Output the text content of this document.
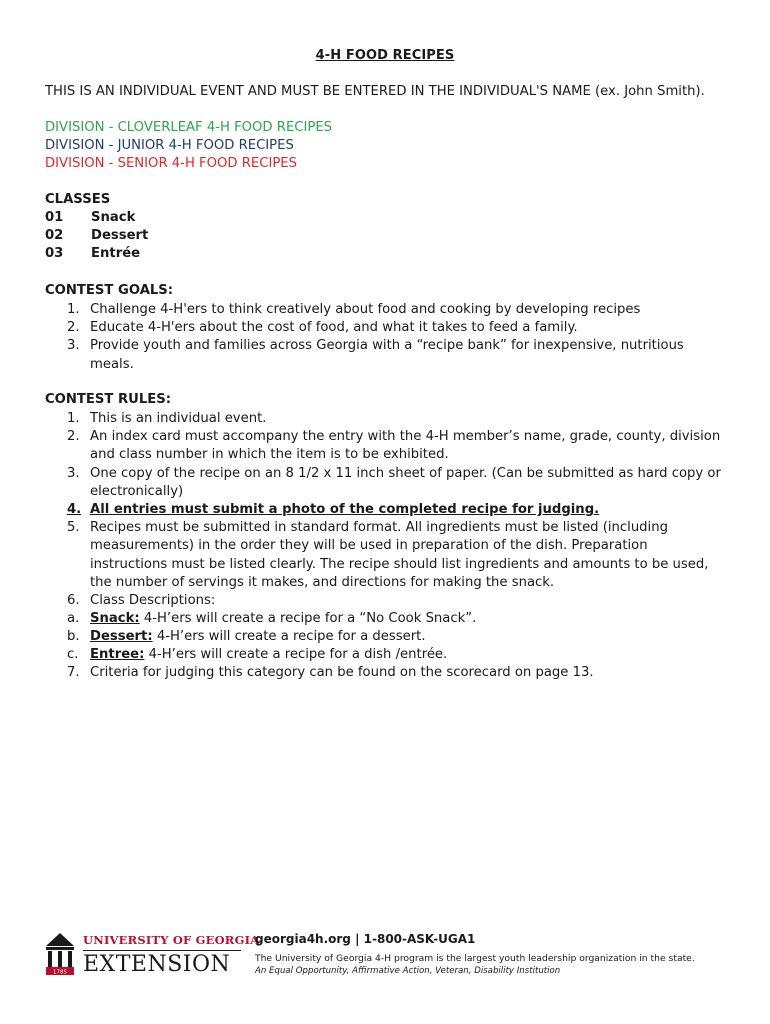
4-H FOOD RECIPES
THIS IS AN INDIVIDUAL EVENT AND MUST BE ENTERED IN THE INDIVIDUAL'S NAME (ex. John Smith).
DIVISION - CLOVERLEAF 4-H FOOD RECIPES
DIVISION - JUNIOR 4-H FOOD RECIPES
DIVISION - SENIOR 4-H FOOD RECIPES
CLASSES
01 Snack
02 Dessert
03 Entrée
CONTEST GOALS:
1. Challenge 4-H'ers to think creatively about food and cooking by developing recipes
2. Educate 4-H'ers about the cost of food, and what it takes to feed a family.
3. Provide youth and families across Georgia with a “recipe bank” for inexpensive, nutritious meals.
CONTEST RULES:
1. This is an individual event.
2. An index card must accompany the entry with the 4-H member’s name, grade, county, division and class number in which the item is to be exhibited.
3. One copy of the recipe on an 8 1/2 x 11 inch sheet of paper. (Can be submitted as hard copy or electronically)
4. All entries must submit a photo of the completed recipe for judging.
5. Recipes must be submitted in standard format. All ingredients must be listed (including measurements) in the order they will be used in preparation of the dish. Preparation instructions must be listed clearly. The recipe should list ingredients and amounts to be used, the number of servings it makes, and directions for making the snack.
6. Class Descriptions:
a. Snack: 4-H’ers will create a recipe for a “No Cook Snack”.
b. Dessert: 4-H’ers will create a recipe for a dessert.
c. Entree: 4-H’ers will create a recipe for a dish /entrée.
7. Criteria for judging this category can be found on the scorecard on page 13.
1785
UNIVERSITY OF GEORGIA
EXTENSION
georgia4h.org | 1-800-ASK-UGA1
The University of Georgia 4-H program is the largest youth leadership organization in the state.
An Equal Opportunity, Affirmative Action, Veteran, Disability Institution
